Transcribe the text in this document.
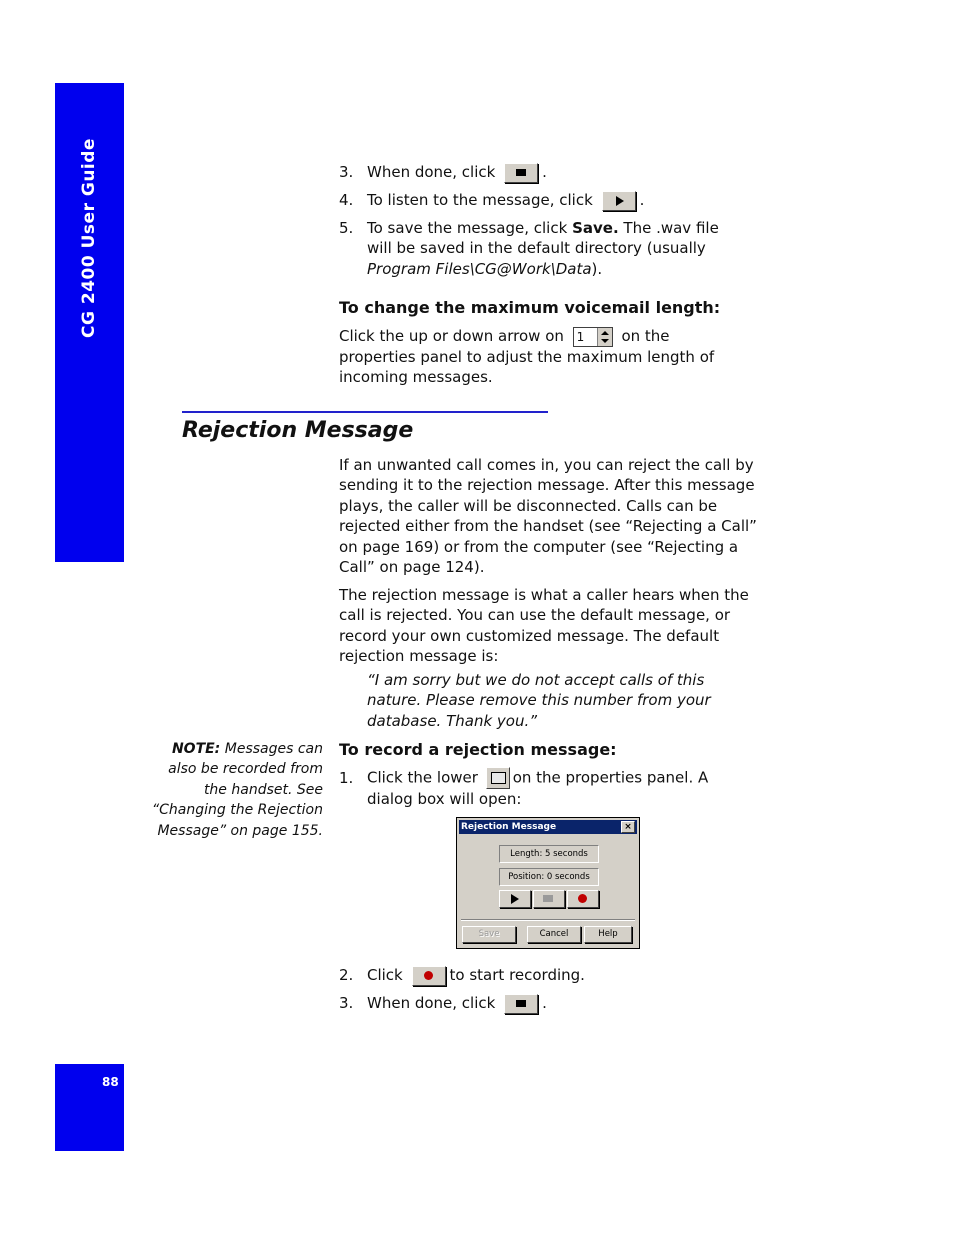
CG 2400 User Guide
88
3. When done, click	.
4. To listen to the message, click	.
5. To save the message, click Save. The .wav file
will be saved in the default directory (usually
Program Files\CG@Work\Data).
To change the maximum voicemail length:
Click the up or down arrow on 1 on the
properties panel to adjust the maximum length of
incoming messages.
Rejection Message
If an unwanted call comes in, you can reject the call by sending it to the rejection message. After this message plays, the caller will be disconnected. Calls can be rejected either from the handset (see “Rejecting a Call” on page 169) or from the computer (see “Rejecting a Call” on page 124).
The rejection message is what a caller hears when the call is rejected. You can use the default message, or record your own customized message. The default rejection message is:
“I am sorry but we do not accept calls of this nature. Please remove this number from your database. Thank you.”
NOTE: Messages can also be recorded from the handset. See “Changing the Rejection Message” on page 155.
To record a rejection message:
1. Click the lower on the properties panel. A
dialog box will open:
Rejection Message	×
Length: 5 seconds
Position: 0 seconds
Save	Cancel	Help
2. Click	to start recording.
3. When done, click	.
